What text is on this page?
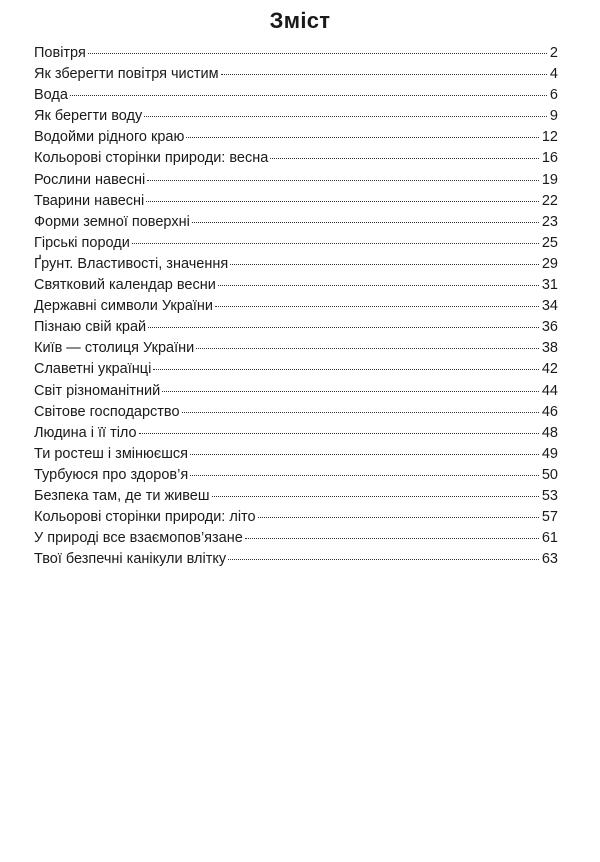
Зміст
Повітря	2
Як зберегти повітря чистим	4
Вода	6
Як берегти воду	9
Водойми рідного краю	12
Кольорові сторінки природи: весна	16
Рослини навесні	19
Тварини навесні	22
Форми земної поверхні	23
Гірські породи	25
Ґрунт. Властивості, значення	29
Святковий календар весни	31
Державні символи України	34
Пізнаю свій край	36
Київ — столиця України	38
Славетні українці	42
Світ різноманітний	44
Світове господарство	46
Людина і її тіло	48
Ти ростеш і змінюєшся	49
Турбуюся про здоров’я	50
Безпека там, де ти живеш	53
Кольорові сторінки природи: літо	57
У природі все взаємопов’язане	61
Твої безпечні канікули влітку	63
